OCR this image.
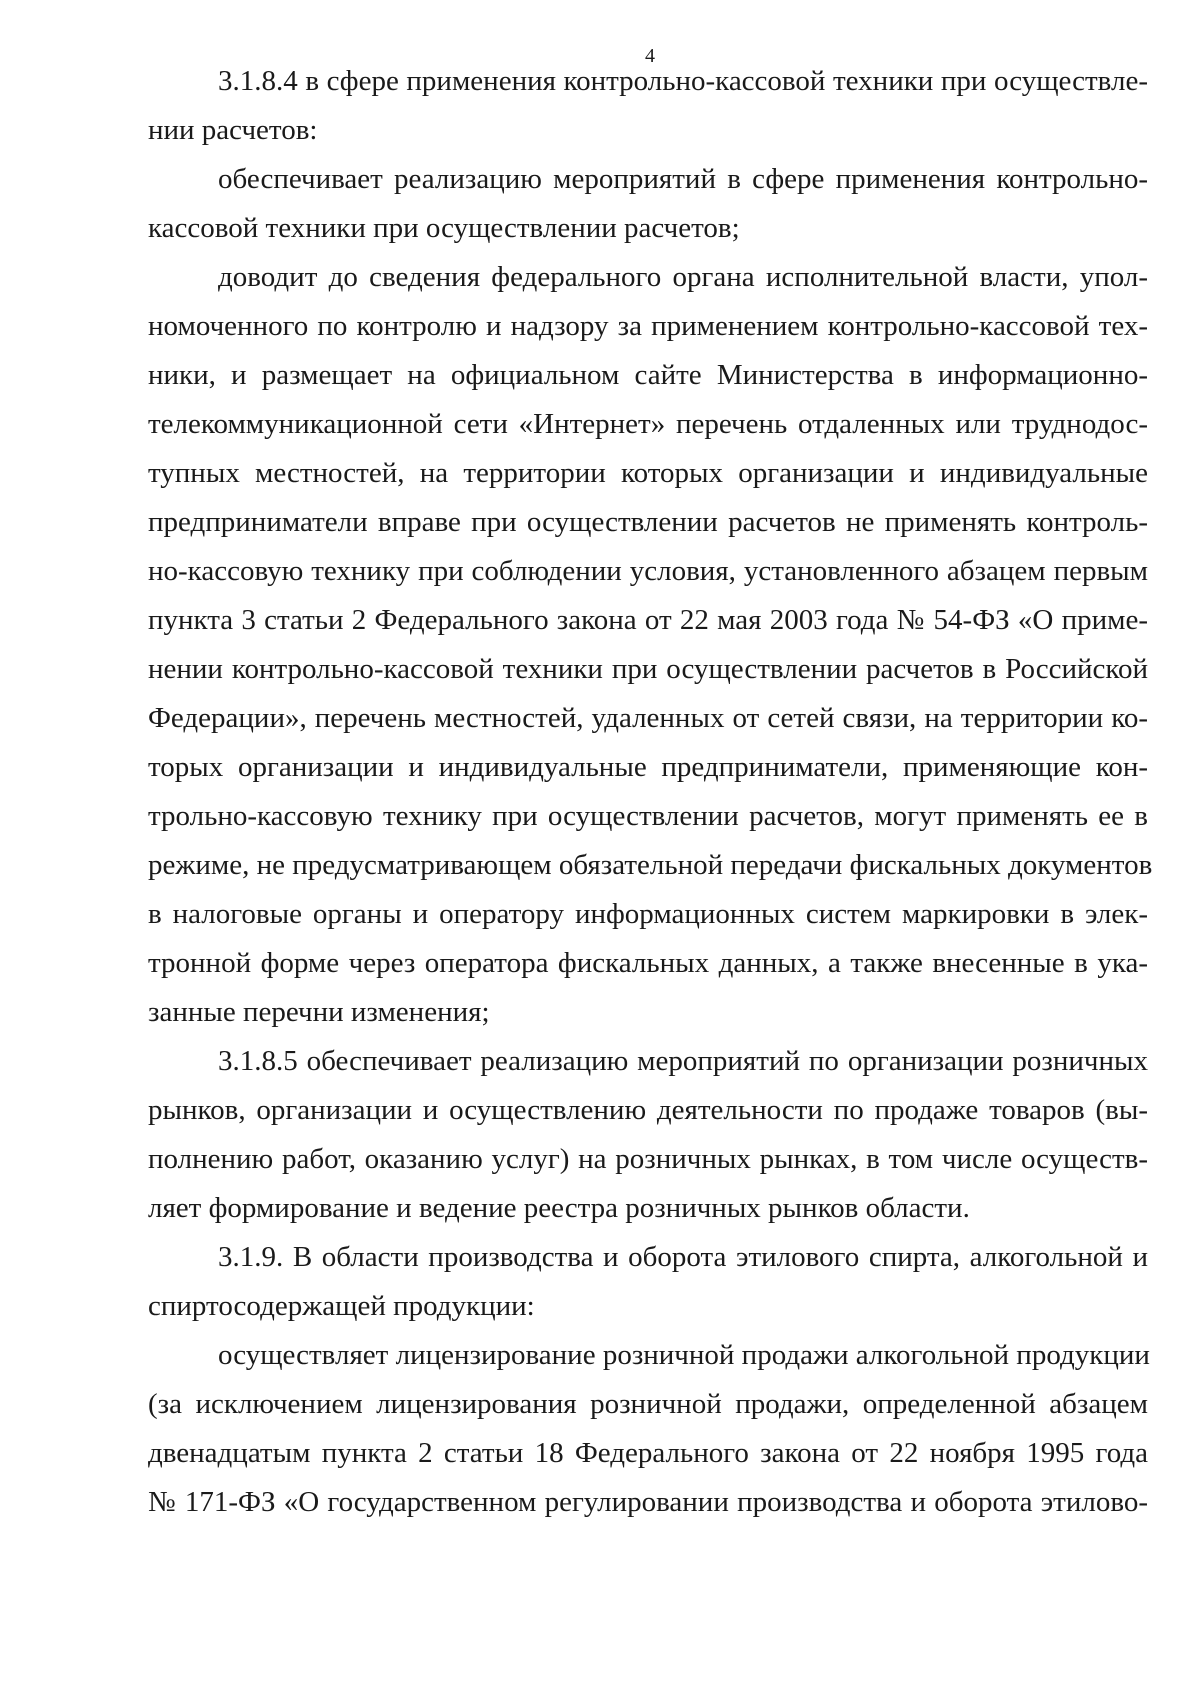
4
3.1.8.4 в сфере применения контрольно-кассовой техники при осуществле-
нии расчетов:
обеспечивает реализацию мероприятий в сфере применения контрольно-
кассовой техники при осуществлении расчетов;
доводит до сведения федерального органа исполнительной власти, упол-
номоченного по контролю и надзору за применением контрольно-кассовой тех-
ники, и размещает на официальном сайте Министерства в информационно-
телекоммуникационной сети «Интернет» перечень отдаленных или труднодос-
тупных местностей, на территории которых организации и индивидуальные
предприниматели вправе при осуществлении расчетов не применять контроль-
но-кассовую технику при соблюдении условия, установленного абзацем первым
пункта 3 статьи 2 Федерального закона от 22 мая 2003 года № 54-ФЗ «О приме-
нении контрольно-кассовой техники при осуществлении расчетов в Российской
Федерации», перечень местностей, удаленных от сетей связи, на территории ко-
торых организации и индивидуальные предприниматели, применяющие кон-
трольно-кассовую технику при осуществлении расчетов, могут применять ее в
режиме, не предусматривающем обязательной передачи фискальных документов
в налоговые органы и оператору информационных систем маркировки в элек-
тронной форме через оператора фискальных данных, а также внесенные в ука-
занные перечни изменения;
3.1.8.5 обеспечивает реализацию мероприятий по организации розничных
рынков, организации и осуществлению деятельности по продаже товаров (вы-
полнению работ, оказанию услуг) на розничных рынках, в том числе осуществ-
ляет формирование и ведение реестра розничных рынков области.
3.1.9. В области производства и оборота этилового спирта, алкогольной и
спиртосодержащей продукции:
осуществляет лицензирование розничной продажи алкогольной продукции
(за исключением лицензирования розничной продажи, определенной абзацем
двенадцатым пункта 2 статьи 18 Федерального закона от 22 ноября 1995 года
№ 171-ФЗ «О государственном регулировании производства и оборота этилово-
